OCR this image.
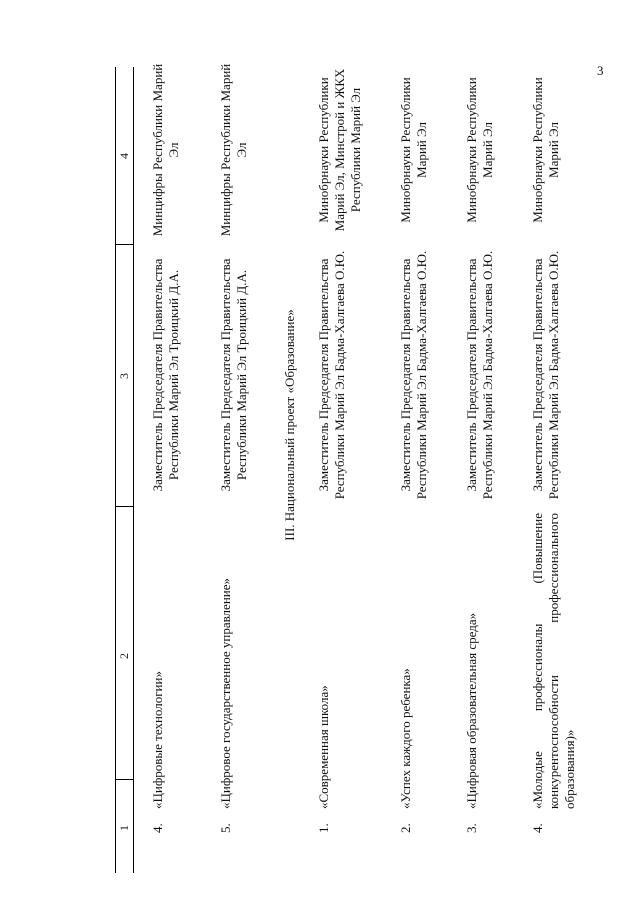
3
1
2
3
4
4.
«Цифровые технологии»
Заместитель Председателя Правительства Республики Марий Эл Троицкий Д.А.
Минцифры Республики Марий Эл
5.
«Цифровое государственное управление»
Заместитель Председателя Правительства Республики Марий Эл Троицкий Д.А.
Минцифры Республики Марий Эл
III. Национальный проект «Образование»
1.
«Современная школа»
Заместитель Председателя Правительства Республики Марий Эл Бадма-Халгаева О.Ю.
Минобрнауки Республики Марий Эл, Минстрой и ЖКХ Республики Марий Эл
2.
«Успех каждого ребенка»
Заместитель Председателя Правительства Республики Марий Эл Бадма-Халгаева О.Ю.
Минобрнауки Республики Марий Эл
3.
«Цифровая образовательная среда»
Заместитель Председателя Правительства Республики Марий Эл Бадма-Халгаева О.Ю.
Минобрнауки Республики Марий Эл
4.
«Молодые профессионалы (Повышение конкурентоспособности профессионального образования)»
Заместитель Председателя Правительства Республики Марий Эл Бадма-Халгаева О.Ю.
Минобрнауки Республики Марий Эл
